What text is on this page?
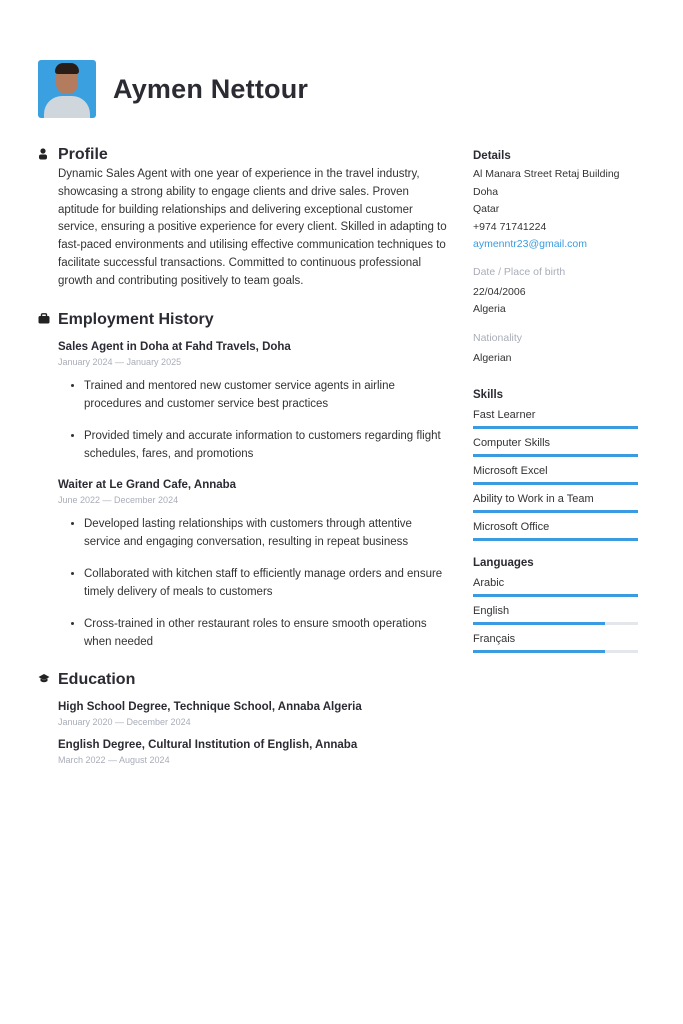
Aymen Nettour
Profile
Dynamic Sales Agent with one year of experience in the travel industry, showcasing a strong ability to engage clients and drive sales. Proven aptitude for building relationships and delivering exceptional customer service, ensuring a positive experience for every client. Skilled in adapting to fast-paced environments and utilising effective communication techniques to facilitate successful transactions. Committed to continuous professional growth and contributing positively to team goals.
Employment History
Sales Agent in Doha at Fahd Travels, Doha
January 2024 — January 2025
• Trained and mentored new customer service agents in airline procedures and customer service best practices
• Provided timely and accurate information to customers regarding flight schedules, fares, and promotions
Waiter at Le Grand Cafe, Annaba
June 2022 — December 2024
• Developed lasting relationships with customers through attentive service and engaging conversation, resulting in repeat business
• Collaborated with kitchen staff to efficiently manage orders and ensure timely delivery of meals to customers
• Cross-trained in other restaurant roles to ensure smooth operations when needed
Education
High School Degree, Technique School, Annaba Algeria
January 2020 — December 2024
English Degree, Cultural Institution of English, Annaba
March 2022 — August 2024
Details
Al Manara Street Retaj Building
Doha
Qatar
+974 71741224
aymenntr23@gmail.com
Date / Place of birth
22/04/2006
Algeria
Nationality
Algerian
Skills
Fast Learner
Computer Skills
Microsoft Excel
Ability to Work in a Team
Microsoft Office
Languages
Arabic
English
Français
